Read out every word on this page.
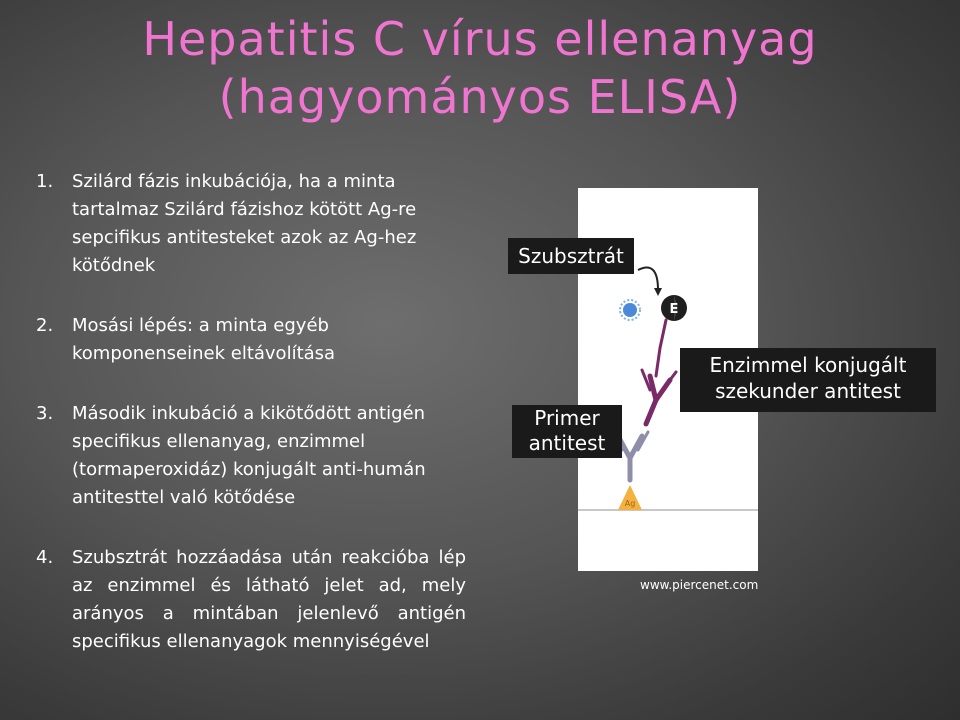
Hepatitis C vírus ellenanyag
(hagyományos ELISA)
1.	Szilárd fázis inkubációja, ha a minta tartalmaz Szilárd fázishoz kötött Ag-re sepcifikus antitesteket azok az Ag-hez kötődnek
2.	Mosási lépés: a minta egyéb komponenseinek eltávolítása
3.	Második inkubáció a kikötődött antigén specifikus ellenanyag, enzimmel (tormaperoxidáz) konjugált anti-humán antitesttel való kötődése
4.	Szubsztrát hozzáadása után reakcióba lép az enzimmel és látható jelet ad, mely arányos a mintában jelenlevő antigén specifikus ellenanyagok mennyiségével
Ag
E
Szubsztrát
Primer
antitest
Enzimmel konjugált
szekunder antitest
www.piercenet.com
